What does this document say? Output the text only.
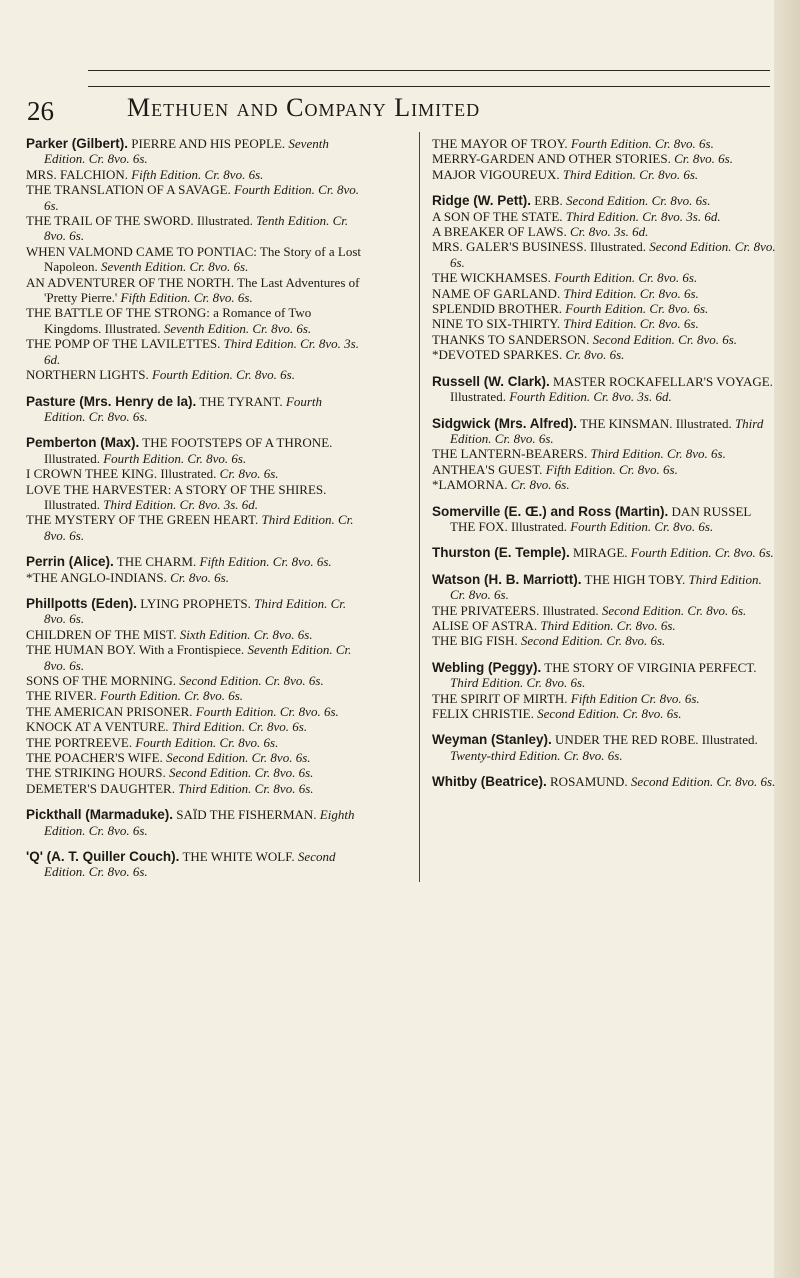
26	Methuen and Company Limited

Parker (Gilbert). PIERRE AND HIS PEOPLE. Seventh Edition. Cr. 8vo. 6s.

MRS. FALCHION. Fifth Edition. Cr. 8vo. 6s.

THE TRANSLATION OF A SAVAGE. Fourth Edition. Cr. 8vo. 6s.

THE TRAIL OF THE SWORD. Illustrated. Tenth Edition. Cr. 8vo. 6s.

WHEN VALMOND CAME TO PONTIAC: The Story of a Lost Napoleon. Seventh Edition. Cr. 8vo. 6s.

AN ADVENTURER OF THE NORTH. The Last Adventures of 'Pretty Pierre.' Fifth Edition. Cr. 8vo. 6s.

THE BATTLE OF THE STRONG: a Romance of Two Kingdoms. Illustrated. Seventh Edition. Cr. 8vo. 6s.

THE POMP OF THE LAVILETTES. Third Edition. Cr. 8vo. 3s. 6d.

NORTHERN LIGHTS. Fourth Edition. Cr. 8vo. 6s.

Pasture (Mrs. Henry de la). THE TYRANT. Fourth Edition. Cr. 8vo. 6s.

Pemberton (Max). THE FOOTSTEPS OF A THRONE. Illustrated. Fourth Edition. Cr. 8vo. 6s.

I CROWN THEE KING. Illustrated. Cr. 8vo. 6s.

LOVE THE HARVESTER: A STORY OF THE SHIRES. Illustrated. Third Edition. Cr. 8vo. 3s. 6d.

THE MYSTERY OF THE GREEN HEART. Third Edition. Cr. 8vo. 6s.

Perrin (Alice). THE CHARM. Fifth Edition. Cr. 8vo. 6s.

*THE ANGLO-INDIANS. Cr. 8vo. 6s.

Phillpotts (Eden). LYING PROPHETS. Third Edition. Cr. 8vo. 6s.

CHILDREN OF THE MIST. Sixth Edition. Cr. 8vo. 6s.

THE HUMAN BOY. With a Frontispiece. Seventh Edition. Cr. 8vo. 6s.

SONS OF THE MORNING. Second Edition. Cr. 8vo. 6s.

THE RIVER. Fourth Edition. Cr. 8vo. 6s.

THE AMERICAN PRISONER. Fourth Edition. Cr. 8vo. 6s.

KNOCK AT A VENTURE. Third Edition. Cr. 8vo. 6s.

THE PORTREEVE. Fourth Edition. Cr. 8vo. 6s.

THE POACHER'S WIFE. Second Edition. Cr. 8vo. 6s.

THE STRIKING HOURS. Second Edition. Cr. 8vo. 6s.

DEMETER'S DAUGHTER. Third Edition. Cr. 8vo. 6s.

Pickthall (Marmaduke). SAÏD THE FISHERMAN. Eighth Edition. Cr. 8vo. 6s.

'Q' (A. T. Quiller Couch). THE WHITE WOLF. Second Edition. Cr. 8vo. 6s.

THE MAYOR OF TROY. Fourth Edition. Cr. 8vo. 6s.

MERRY-GARDEN AND OTHER STORIES. Cr. 8vo. 6s.

MAJOR VIGOUREUX. Third Edition. Cr. 8vo. 6s.

Ridge (W. Pett). ERB. Second Edition. Cr. 8vo. 6s.

A SON OF THE STATE. Third Edition. Cr. 8vo. 3s. 6d.

A BREAKER OF LAWS. Cr. 8vo. 3s. 6d.

MRS. GALER'S BUSINESS. Illustrated. Second Edition. Cr. 8vo. 6s.

THE WICKHAMSES. Fourth Edition. Cr. 8vo. 6s.

NAME OF GARLAND. Third Edition. Cr. 8vo. 6s.

SPLENDID BROTHER. Fourth Edition. Cr. 8vo. 6s.

NINE TO SIX-THIRTY. Third Edition. Cr. 8vo. 6s.

THANKS TO SANDERSON. Second Edition. Cr. 8vo. 6s.

*DEVOTED SPARKES. Cr. 8vo. 6s.

Russell (W. Clark). MASTER ROCKAFELLAR'S VOYAGE. Illustrated. Fourth Edition. Cr. 8vo. 3s. 6d.

Sidgwick (Mrs. Alfred). THE KINSMAN. Illustrated. Third Edition. Cr. 8vo. 6s.

THE LANTERN-BEARERS. Third Edition. Cr. 8vo. 6s.

ANTHEA'S GUEST. Fifth Edition. Cr. 8vo. 6s.

*LAMORNA. Cr. 8vo. 6s.

Somerville (E. Œ.) and Ross (Martin). DAN RUSSEL THE FOX. Illustrated. Fourth Edition. Cr. 8vo. 6s.

Thurston (E. Temple). MIRAGE. Fourth Edition. Cr. 8vo. 6s.

Watson (H. B. Marriott). THE HIGH TOBY. Third Edition. Cr. 8vo. 6s.

THE PRIVATEERS. Illustrated. Second Edition. Cr. 8vo. 6s.

ALISE OF ASTRA. Third Edition. Cr. 8vo. 6s.

THE BIG FISH. Second Edition. Cr. 8vo. 6s.

Webling (Peggy). THE STORY OF VIRGINIA PERFECT. Third Edition. Cr. 8vo. 6s.

THE SPIRIT OF MIRTH. Fifth Edition Cr. 8vo. 6s.

FELIX CHRISTIE. Second Edition. Cr. 8vo. 6s.

Weyman (Stanley). UNDER THE RED ROBE. Illustrated. Twenty-third Edition. Cr. 8vo. 6s.

Whitby (Beatrice). ROSAMUND. Second Edition. Cr. 8vo. 6s.
